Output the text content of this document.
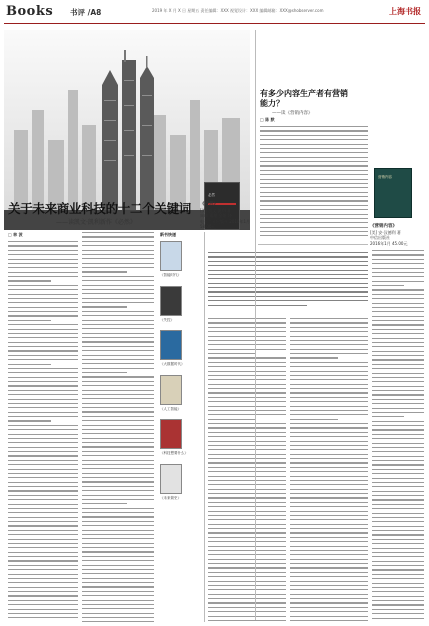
Books 书评 /A8	2019 年 X 月 X 日 星期五 责任编辑：XXX 视觉设计：XXX 编辑邮箱：XXX@shobserver.com	上海书报
必然
关于未来商业科技的十二个关键词
——读凯文·凯利新作《必然》
□ 林 波
《必然》
[美] 凯文·凯利 著
周峰 董理 金阳 译
电子工业出版社 2016年1月 58.00元
新书快递
《智能时代》
《失控》
《大数据时代》
《人工智能》
《科技想要什么》
《未来简史》
有多少内容生产者有营销能力？
——读《营销内容》
□ 陈 默
营销内容
《营销内容》
[美] 安·汉德利 著
中信出版社
2016年1月 45.00元
